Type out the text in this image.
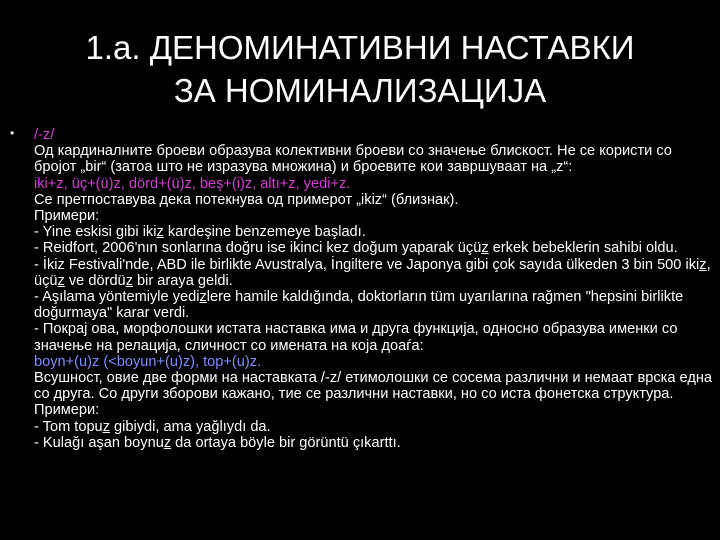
1.a. ДЕНОМИНАТИВНИ НАСТАВКИ
ЗА НОМИНАЛИЗАЦИЈА
• /-z/
Од кардиналните броеви образува колективни броеви со значење блискост. Не се користи со бројот „bir“ (затоа што не изразува множина) и броевите кои завршуваат на „z“:
iki+z, üç+(ü)z, dörd+(ü)z, beş+(i)z, altı+z, yedi+z.
Се претпоставува дека потекнува од примерот „ikiz“ (близнак).
Примери:
- Yine eskisi gibi ikiz kardeşine benzemeye başladı.
- Reidfort, 2006'nın sonlarına doğru ise ikinci kez doğum yaparak üçüz erkek bebeklerin sahibi oldu.
- İkiz Festivali'nde, ABD ile birlikte Avustralya, İngiltere ve Japonya gibi çok sayıda ülkeden 3 bin 500 ikiz, üçüz ve dördüz bir araya geldi.
- Aşılama yöntemiyle yedizlere hamile kaldığında, doktorların tüm uyarılarına rağmen "hepsini birlikte doğurmaya" karar verdi.
- Покрај ова, морфолошки истата наставка има и друга функција, односно образува именки со значење на релација, сличност со имената на која доаѓа:
boyn+(u)z (<boyun+(u)z), top+(u)z.
Всушност, овие две форми на наставката /-z/ етимолошки се сосема различни и немаат врска една со друга. Со други зборови кажано, тие се различни наставки, но со иста фонетска структура.
Примери:
- Tom topuz gibiydi, ama yağlıydı da.
- Kulağı aşan boynuz da ortaya böyle bir görüntü çıkarttı.
